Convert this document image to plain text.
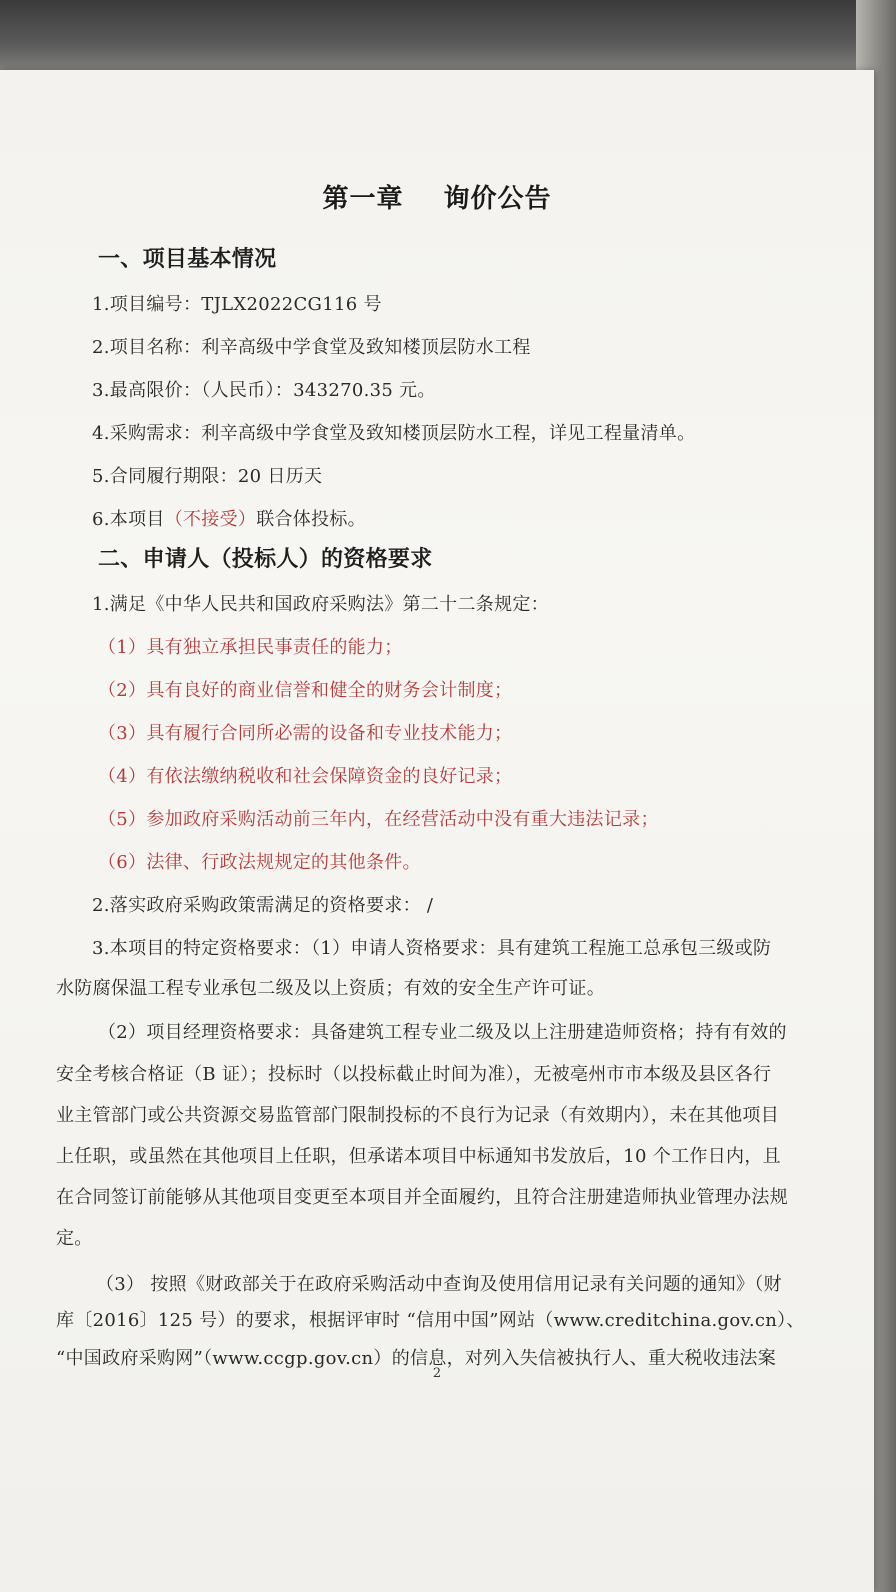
第一章 询价公告
一、项目基本情况
1.项目编号：TJLX2022CG116 号
2.项目名称：利辛高级中学食堂及致知楼顶层防水工程
3.最高限价：（人民币）：343270.35 元。
4.采购需求：利辛高级中学食堂及致知楼顶层防水工程，详见工程量清单。
5.合同履行期限：20 日历天
6.本项目（不接受）联合体投标。
二、申请人（投标人）的资格要求
1.满足《中华人民共和国政府采购法》第二十二条规定：
（1）具有独立承担民事责任的能力；
（2）具有良好的商业信誉和健全的财务会计制度；
（3）具有履行合同所必需的设备和专业技术能力；
（4）有依法缴纳税收和社会保障资金的良好记录；
（5）参加政府采购活动前三年内，在经营活动中没有重大违法记录；
（6）法律、行政法规规定的其他条件。
2.落实政府采购政策需满足的资格要求： /
3.本项目的特定资格要求：（1）申请人资格要求：具有建筑工程施工总承包三级或防
水防腐保温工程专业承包二级及以上资质；有效的安全生产许可证。
（2）项目经理资格要求：具备建筑工程专业二级及以上注册建造师资格；持有有效的
安全考核合格证（B 证）；投标时（以投标截止时间为准），无被亳州市市本级及县区各行
业主管部门或公共资源交易监管部门限制投标的不良行为记录（有效期内），未在其他项目
上任职，或虽然在其他项目上任职，但承诺本项目中标通知书发放后，10 个工作日内，且
在合同签订前能够从其他项目变更至本项目并全面履约，且符合注册建造师执业管理办法规
定。
（3） 按照《财政部关于在政府采购活动中查询及使用信用记录有关问题的通知》（财
库〔2016〕125 号）的要求，根据评审时 “信用中国”网站（www.creditchina.gov.cn）、
“中国政府采购网”（www.ccgp.gov.cn）的信息，对列入失信被执行人、重大税收违法案
2
